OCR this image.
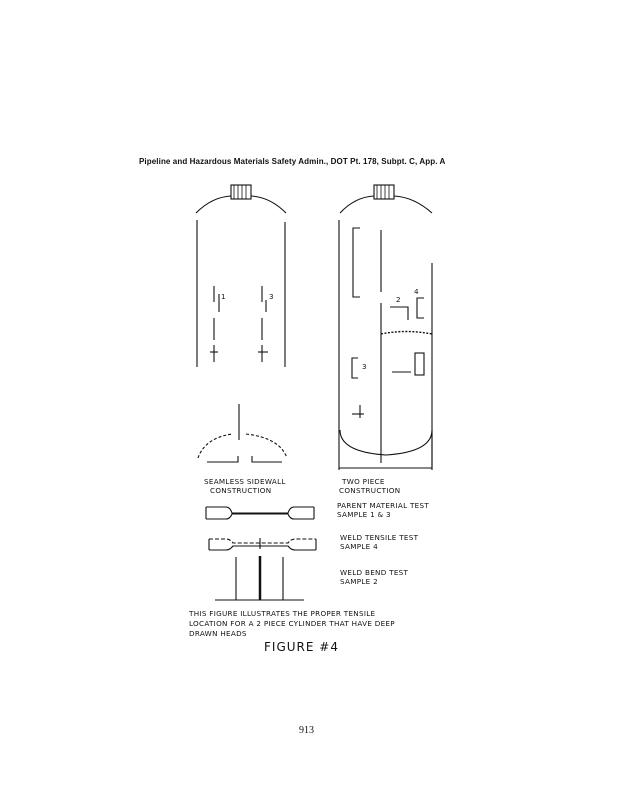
Pipeline and Hazardous Materials Safety Admin., DOT Pt. 178, Subpt. C, App. A
1	3	2
4
3
SEAMLESS SIDEWALL
CONSTRUCTION
TWO PIECE
CONSTRUCTION
PARENT MATERIAL TEST
SAMPLE 1 & 3
WELD TENSILE TEST
SAMPLE 4
WELD BEND TEST
SAMPLE 2
THIS FIGURE ILLUSTRATES THE PROPER TENSILE
LOCATION FOR A 2 PIECE CYLINDER THAT HAVE DEEP
DRAWN HEADS
FIGURE #4
913
